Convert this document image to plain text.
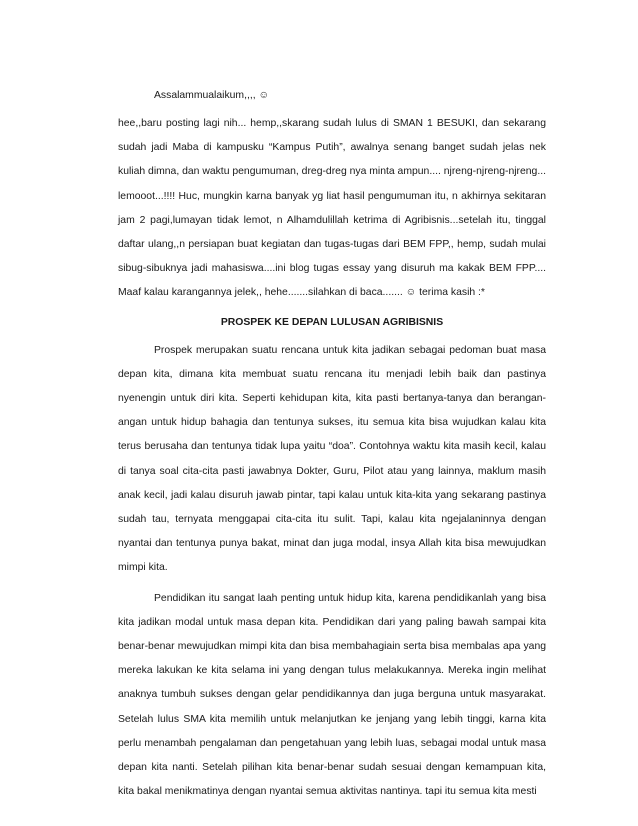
Assalammualaikum,,,, ☺

hee,,baru posting lagi nih... hemp,,skarang sudah lulus di SMAN 1 BESUKI, dan sekarang sudah jadi Maba di kampusku “Kampus Putih”, awalnya senang banget sudah jelas nek kuliah dimna, dan waktu pengumuman, dreg-dreg nya minta ampun.... njreng-njreng-njreng... lemooot...!!!! Huc, mungkin karna banyak yg liat hasil pengumuman itu, n akhirnya sekitaran jam 2 pagi,lumayan tidak lemot, n Alhamdulillah ketrima di Agribisnis...setelah itu, tinggal daftar ulang,,n persiapan buat kegiatan dan tugas-tugas dari BEM FPP,, hemp, sudah mulai sibug-sibuknya jadi mahasiswa....ini blog tugas essay yang disuruh ma kakak BEM FPP.... Maaf kalau karangannya jelek,, hehe.......silahkan di baca....... ☺ terima kasih :*

PROSPEK KE DEPAN LULUSAN AGRIBISNIS

Prospek merupakan suatu rencana untuk kita jadikan sebagai pedoman buat masa depan kita, dimana kita membuat suatu rencana itu menjadi lebih baik dan pastinya nyenengin untuk diri kita. Seperti kehidupan kita, kita pasti bertanya-tanya dan berangan-angan untuk hidup bahagia dan tentunya sukses, itu semua kita bisa wujudkan kalau kita terus berusaha dan tentunya tidak lupa yaitu “doa”. Contohnya waktu kita masih kecil, kalau di tanya soal cita-cita pasti jawabnya Dokter, Guru, Pilot atau yang lainnya, maklum masih anak kecil, jadi kalau disuruh jawab pintar, tapi kalau untuk kita-kita yang sekarang pastinya sudah tau, ternyata menggapai cita-cita itu sulit. Tapi, kalau kita ngejalaninnya dengan nyantai dan tentunya punya bakat, minat dan juga modal, insya Allah kita bisa mewujudkan mimpi kita.

Pendidikan itu sangat laah penting untuk hidup kita, karena pendidikanlah yang bisa kita jadikan modal untuk masa depan kita. Pendidikan dari yang paling bawah sampai kita benar-benar mewujudkan mimpi kita dan bisa membahagiain serta bisa membalas apa yang mereka lakukan ke kita selama ini yang dengan tulus melakukannya. Mereka ingin melihat anaknya tumbuh sukses dengan gelar pendidikannya dan juga berguna untuk masyarakat. Setelah lulus SMA kita memilih untuk melanjutkan ke jenjang yang lebih tinggi, karna kita perlu menambah pengalaman dan pengetahuan yang lebih luas, sebagai modal untuk masa depan kita nanti. Setelah pilihan kita benar-benar sudah sesuai dengan kemampuan kita, kita bakal menikmatinya dengan nyantai semua aktivitas nantinya. tapi itu semua kita mesti
